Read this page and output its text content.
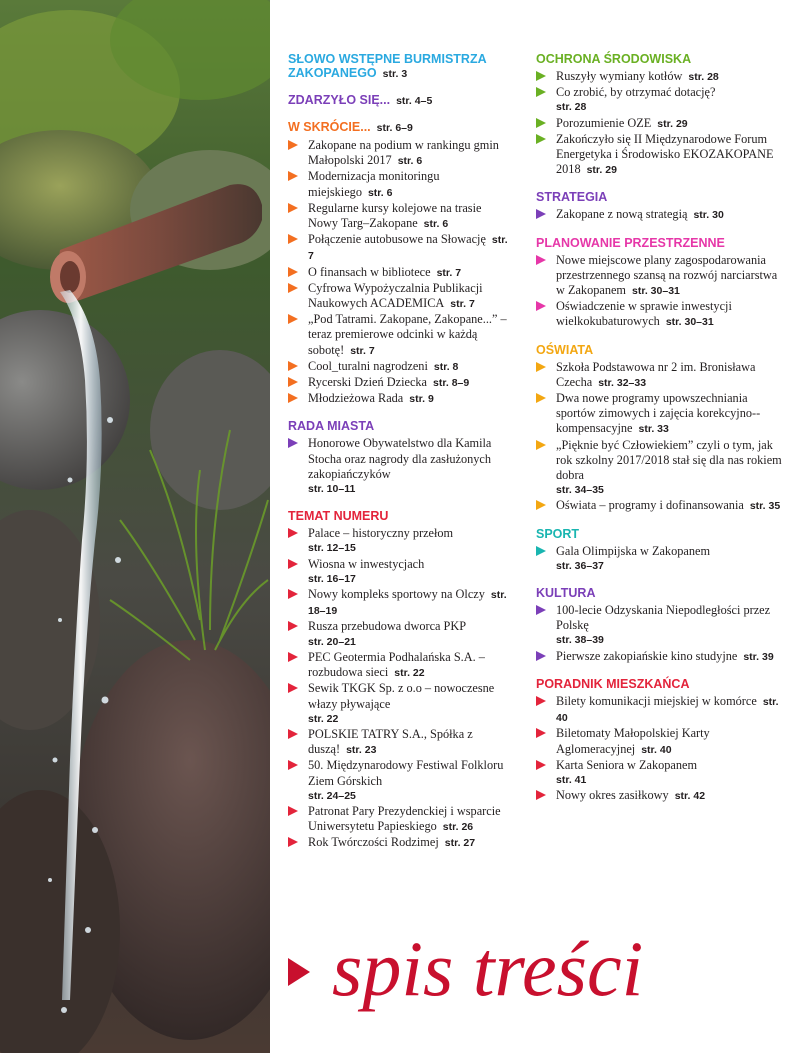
SŁOWO WSTĘPNE BURMISTRZA ZAKOPANEGO str. 3
ZDARZYŁO SIĘ... str. 4–5
W SKRÓCIE... str. 6–9
Zakopane na podium w rankingu gmin Małopolski 2017 str. 6
Modernizacja monitoringu miejskiego str. 6
Regularne kursy kolejowe na trasie Nowy Targ–Zakopane str. 6
Połączenie autobusowe na Słowację str. 7
O finansach w bibliotece str. 7
Cyfrowa Wypożyczalnia Publikacji Naukowych ACADEMICA str. 7
„Pod Tatrami. Zakopane, Zakopane...” – teraz premierowe odcinki w każdą sobotę! str. 7
Cool_turalni nagrodzeni str. 8
Rycerski Dzień Dziecka str. 8–9
Młodzieżowa Rada str. 9
RADA MIASTA
Honorowe Obywatelstwo dla Kamila Stocha oraz nagrody dla zasłużonych zakopiańczyków
str. 10–11
TEMAT NUMERU
Palace – historyczny przełom
str. 12–15
Wiosna w inwestycjach
str. 16–17
Nowy kompleks sportowy na Olczy str. 18–19
Rusza przebudowa dworca PKP
str. 20–21
PEC Geotermia Podhalańska S.A. – rozbudowa sieci str. 22
Sewik TKGK Sp. z o.o – nowoczesne włazy pływające
str. 22
POLSKIE TATRY S.A., Spółka z duszą! str. 23
50. Międzynarodowy Festiwal Folkloru Ziem Górskich
str. 24–25
Patronat Pary Prezydenckiej i wsparcie Uniwersytetu Papieskiego str. 26
Rok Twórczości Rodzimej str. 27
OCHRONA ŚRODOWISKA
Ruszyły wymiany kotłów str. 28
Co zrobić, by otrzymać dotację?
str. 28
Porozumienie OZE str. 29
Zakończyło się II Międzynarodowe Forum Energetyka i Środowisko EKOZAKOPANE 2018 str. 29
STRATEGIA
Zakopane z nową strategią str. 30
PLANOWANIE PRZESTRZENNE
Nowe miejscowe plany zagospodarowania przestrzennego szansą na rozwój narciarstwa w Zakopanem str. 30–31
Oświadczenie w sprawie inwestycji wielkokubaturowych str. 30–31
OŚWIATA
Szkoła Podstawowa nr 2 im. Bronisława Czecha str. 32–33
Dwa nowe programy upowszechniania sportów zimowych i zajęcia korekcyjno--kompensacyjne str. 33
„Pięknie być Człowiekiem” czyli o tym, jak rok szkolny 2017/2018 stał się dla nas rokiem dobra
str. 34–35
Oświata – programy i dofinansowania str. 35
SPORT
Gala Olimpijska w Zakopanem
str. 36–37
KULTURA
100-lecie Odzyskania Niepodległości przez Polskę
str. 38–39
Pierwsze zakopiańskie kino studyjne str. 39
PORADNIK MIESZKAŃCA
Bilety komunikacji miejskiej w komórce str. 40
Biletomaty Małopolskiej Karty Aglomeracyjnej str. 40
Karta Seniora w Zakopanem
str. 41
Nowy okres zasiłkowy str. 42
spis treści
